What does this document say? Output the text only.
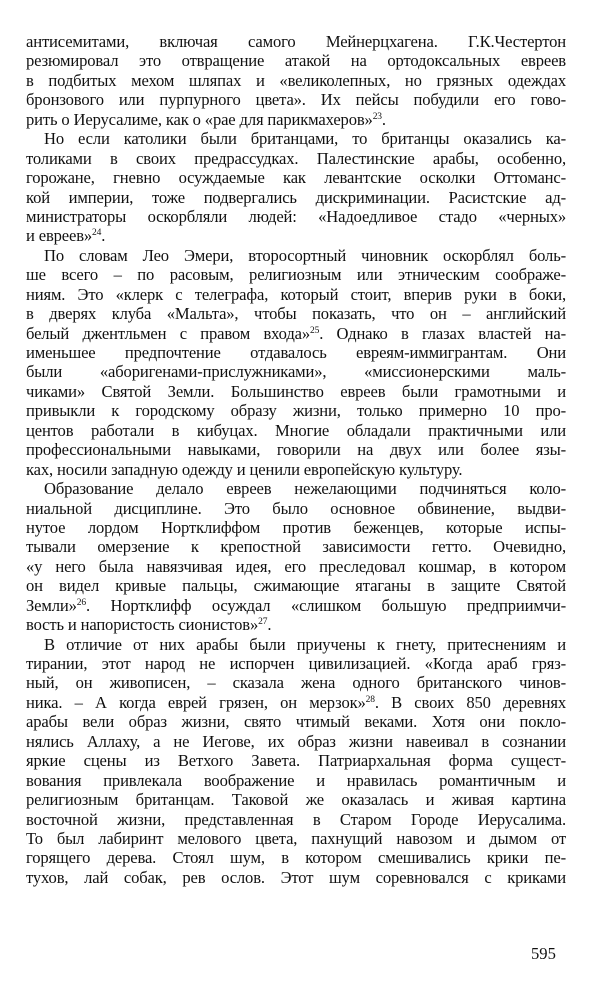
антисемитами, включая самого Мейнерцхагена. Г.К.Честертон
резюмировал это отвращение атакой на ортодоксальных евреев
в подбитых мехом шляпах и «великолепных, но грязных одеждах
бронзового или пурпурного цвета». Их пейсы побудили его гово-
рить о Иерусалиме, как о «рае для парикмахеров»$^{23}$.
Но если католики были британцами, то британцы оказались ка-
толиками в своих предрассудках. Палестинские арабы, особенно,
горожане, гневно осуждаемые как левантские осколки Оттоманс-
кой империи, тоже подвергались дискриминации. Расистские ад-
министраторы оскорбляли людей: «Надоедливое стадо «черных»
и евреев»$^{24}$.
По словам Лео Эмери, второсортный чиновник оскорблял боль-
ше всего – по расовым, религиозным или этническим соображе-
ниям. Это «клерк с телеграфа, который стоит, вперив руки в боки,
в дверях клуба «Мальта», чтобы показать, что он – английский
белый джентльмен с правом входа»$^{25}$. Однако в глазах властей на-
именьшее предпочтение отдавалось евреям-иммигрантам. Они
были «аборигенами-прислужниками», «миссионерскими маль-
чиками» Святой Земли. Большинство евреев были грамотными и
привыкли к городскому образу жизни, только примерно 10 про-
центов работали в кибуцах. Многие обладали практичными или
профессиональными навыками, говорили на двух или более язы-
ках, носили западную одежду и ценили европейскую культуру.
Образование делало евреев нежелающими подчиняться коло-
ниальной дисциплине. Это было основное обвинение, выдви-
нутое лордом Нортклиффом против беженцев, которые испы-
тывали омерзение к крепостной зависимости гетто. Очевидно,
«у него была навязчивая идея, его преследовал кошмар, в котором
он видел кривые пальцы, сжимающие ятаганы в защите Святой
Земли»$^{26}$. Нортклифф осуждал «слишком большую предприимчи-
вость и напористость сионистов»$^{27}$.
В отличие от них арабы были приучены к гнету, притеснениям и
тирании, этот народ не испорчен цивилизацией. «Когда араб гряз-
ный, он живописен, – сказала жена одного британского чинов-
ника. – А когда еврей грязен, он мерзок»$^{28}$. В своих 850 деревнях
арабы вели образ жизни, свято чтимый веками. Хотя они покло-
нялись Аллаху, а не Иегове, их образ жизни навеивал в сознании
яркие сцены из Ветхого Завета. Патриархальная форма сущест-
вования привлекала воображение и нравилась романтичным и
религиозным британцам. Таковой же оказалась и живая картина
восточной жизни, представленная в Старом Городе Иерусалима.
То был лабиринт мелового цвета, пахнущий навозом и дымом от
горящего дерева. Стоял шум, в котором смешивались крики пе-
тухов, лай собак, рев ослов. Этот шум соревновался с криками
595
